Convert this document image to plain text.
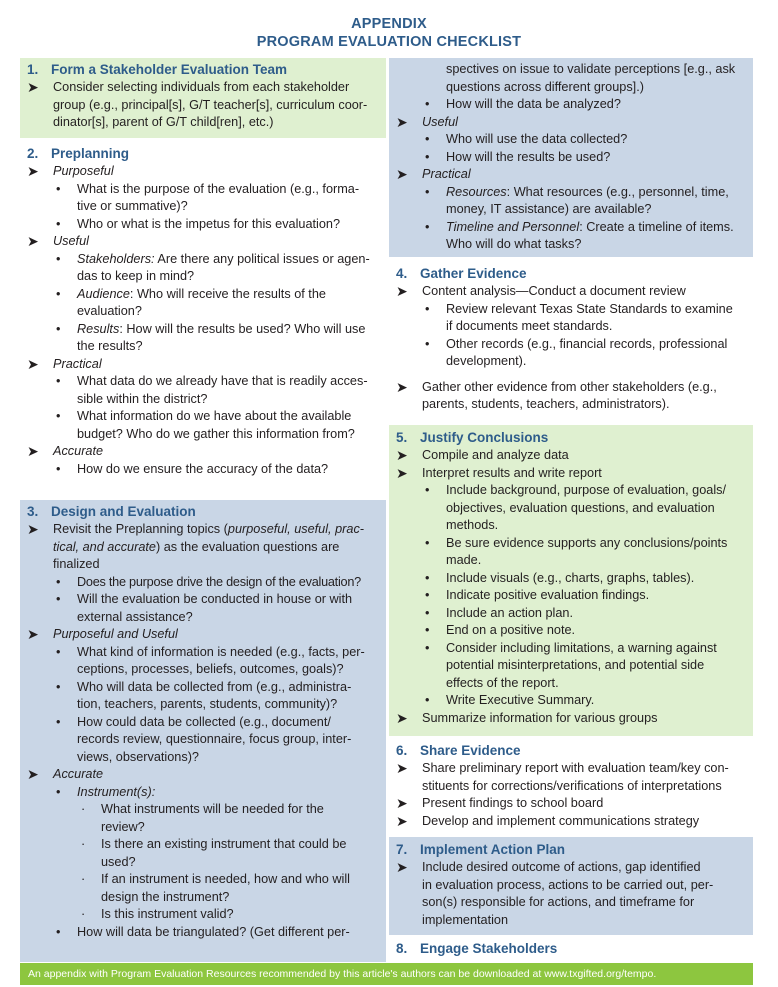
APPENDIX
PROGRAM EVALUATION CHECKLIST
1. Form a Stakeholder Evaluation Team
➤ Consider selecting individuals from each stakeholder
group (e.g., principal[s], G/T teacher[s], curriculum coor-
dinator[s], parent of G/T child[ren], etc.)
2. Preplanning
➤ Purposeful
• What is the purpose of the evaluation (e.g., forma-
tive or summative)?
• Who or what is the impetus for this evaluation?
➤ Useful
• Stakeholders: Are there any political issues or agen-
das to keep in mind?
• Audience: Who will receive the results of the
evaluation?
• Results: How will the results be used? Who will use
the results?
➤ Practical
• What data do we already have that is readily acces-
sible within the district?
• What information do we have about the available
budget? Who do we gather this information from?
➤ Accurate
• How do we ensure the accuracy of the data?
3. Design and Evaluation
➤ Revisit the Preplanning topics (purposeful, useful, prac-
tical, and accurate) as the evaluation questions are
finalized
• Does the purpose drive the design of the evaluation?
• Will the evaluation be conducted in house or with
external assistance?
➤ Purposeful and Useful
• What kind of information is needed (e.g., facts, per-
ceptions, processes, beliefs, outcomes, goals)?
• Who will data be collected from (e.g., administra-
tion, teachers, parents, students, community)?
• How could data be collected (e.g., document/
records review, questionnaire, focus group, inter-
views, observations)?
➤ Accurate
• Instrument(s):
· What instruments will be needed for the
review?
· Is there an existing instrument that could be
used?
· If an instrument is needed, how and who will
design the instrument?
· Is this instrument valid?
• How will data be triangulated? (Get different per-
spectives on issue to validate perceptions [e.g., ask
questions across different groups].)
• How will the data be analyzed?
➤ Useful
• Who will use the data collected?
• How will the results be used?
➤ Practical
• Resources: What resources (e.g., personnel, time,
money, IT assistance) are available?
• Timeline and Personnel: Create a timeline of items.
Who will do what tasks?
4. Gather Evidence
➤ Content analysis—Conduct a document review
• Review relevant Texas State Standards to examine
if documents meet standards.
• Other records (e.g., financial records, professional
development).
➤ Gather other evidence from other stakeholders (e.g.,
parents, students, teachers, administrators).
5. Justify Conclusions
➤ Compile and analyze data
➤ Interpret results and write report
• Include background, purpose of evaluation, goals/
objectives, evaluation questions, and evaluation
methods.
• Be sure evidence supports any conclusions/points
made.
• Include visuals (e.g., charts, graphs, tables).
• Indicate positive evaluation findings.
• Include an action plan.
• End on a positive note.
• Consider including limitations, a warning against
potential misinterpretations, and potential side
effects of the report.
• Write Executive Summary.
➤ Summarize information for various groups
6. Share Evidence
➤ Share preliminary report with evaluation team/key con-
stituents for corrections/verifications of interpretations
➤ Present findings to school board
➤ Develop and implement communications strategy
7. Implement Action Plan
➤ Include desired outcome of actions, gap identified
in evaluation process, actions to be carried out, per-
son(s) responsible for actions, and timeframe for
implementation
8. Engage Stakeholders
An appendix with Program Evaluation Resources recommended by this article's authors can be downloaded at www.txgifted.org/tempo.
